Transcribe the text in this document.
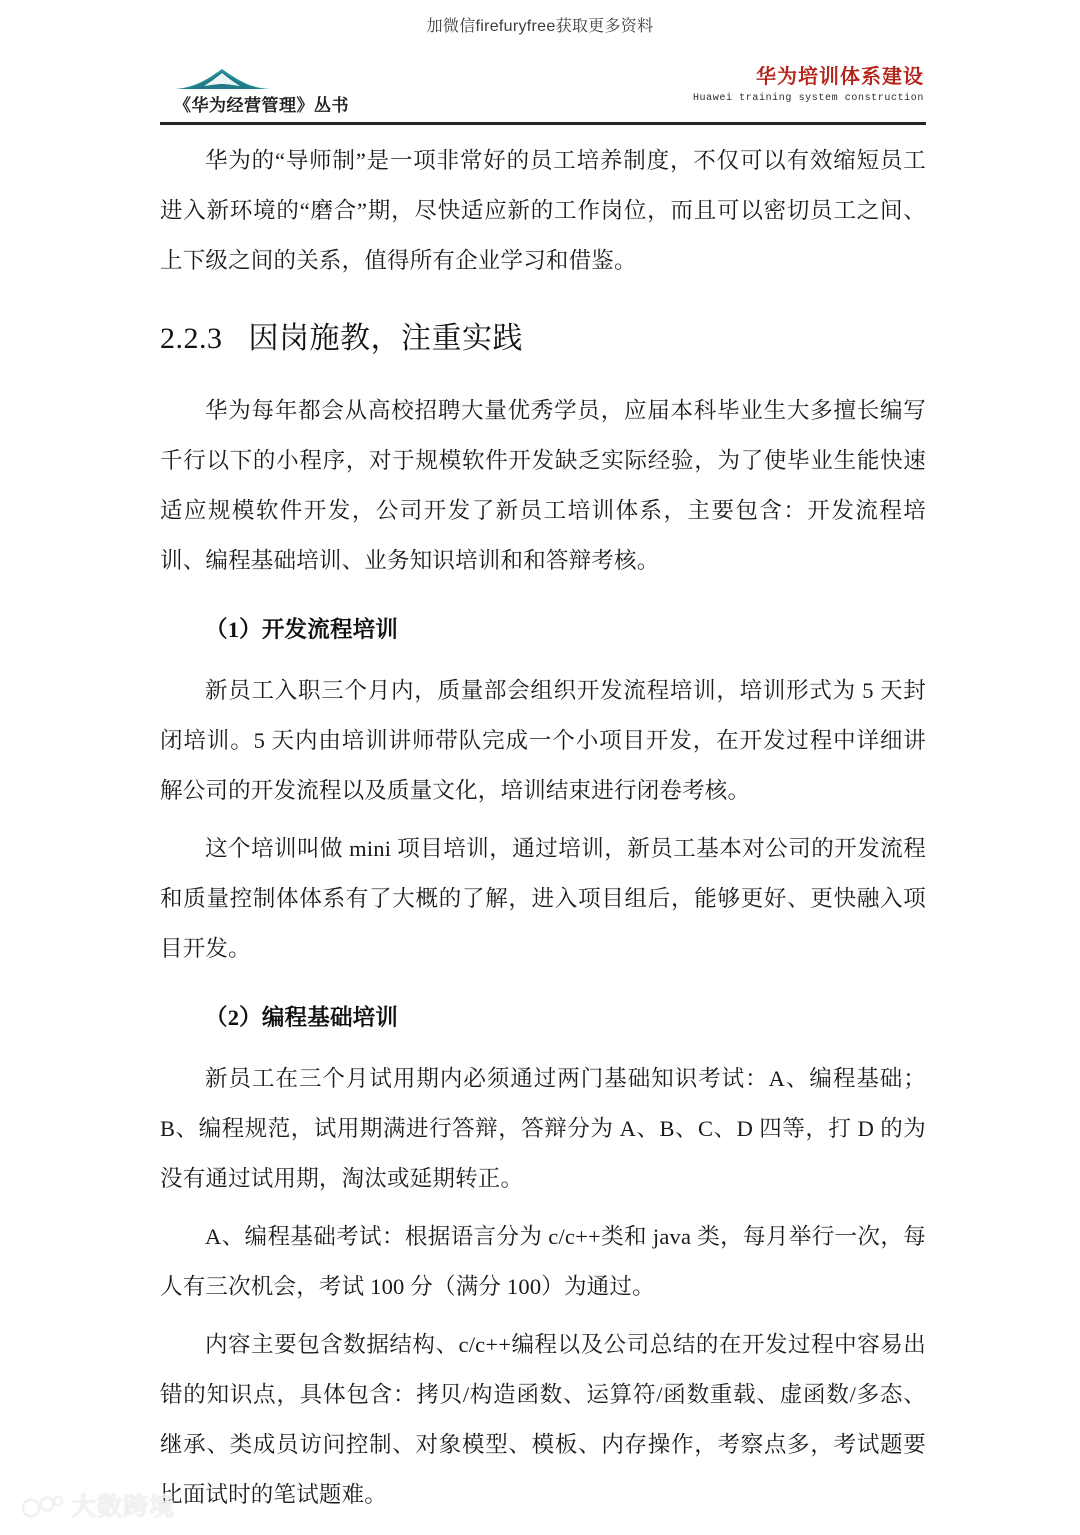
加微信firefuryfree获取更多资料
《华为经营管理》丛书
华为培训体系建设
Huawei training system construction

华为的“导师制”是一项非常好的员工培养制度，不仅可以有效缩短员工进入新环境的“磨合”期，尽快适应新的工作岗位，而且可以密切员工之间、上下级之间的关系，值得所有企业学习和借鉴。

2.2.3 因岗施教，注重实践

华为每年都会从高校招聘大量优秀学员，应届本科毕业生大多擅长编写千行以下的小程序，对于规模软件开发缺乏实际经验，为了使毕业生能快速适应规模软件开发，公司开发了新员工培训体系，主要包含：开发流程培训、编程基础培训、业务知识培训和和答辩考核。

（1）开发流程培训

新员工入职三个月内，质量部会组织开发流程培训，培训形式为 5 天封闭培训。5 天内由培训讲师带队完成一个小项目开发，在开发过程中详细讲解公司的开发流程以及质量文化，培训结束进行闭卷考核。

这个培训叫做 mini 项目培训，通过培训，新员工基本对公司的开发流程和质量控制体体系有了大概的了解，进入项目组后，能够更好、更快融入项目开发。

（2）编程基础培训

新员工在三个月试用期内必须通过两门基础知识考试：A、编程基础；B、编程规范，试用期满进行答辩，答辩分为 A、B、C、D 四等，打 D 的为没有通过试用期，淘汰或延期转正。

A、编程基础考试：根据语言分为 c/c++类和 java 类，每月举行一次，每人有三次机会，考试 100 分（满分 100）为通过。

内容主要包含数据结构、c/c++编程以及公司总结的在开发过程中容易出错的知识点，具体包含：拷贝/构造函数、运算符/函数重载、虚函数/多态、继承、类成员访问控制、对象模型、模板、内存操作，考察点多，考试题要比面试时的笔试题难。

大数跨境
